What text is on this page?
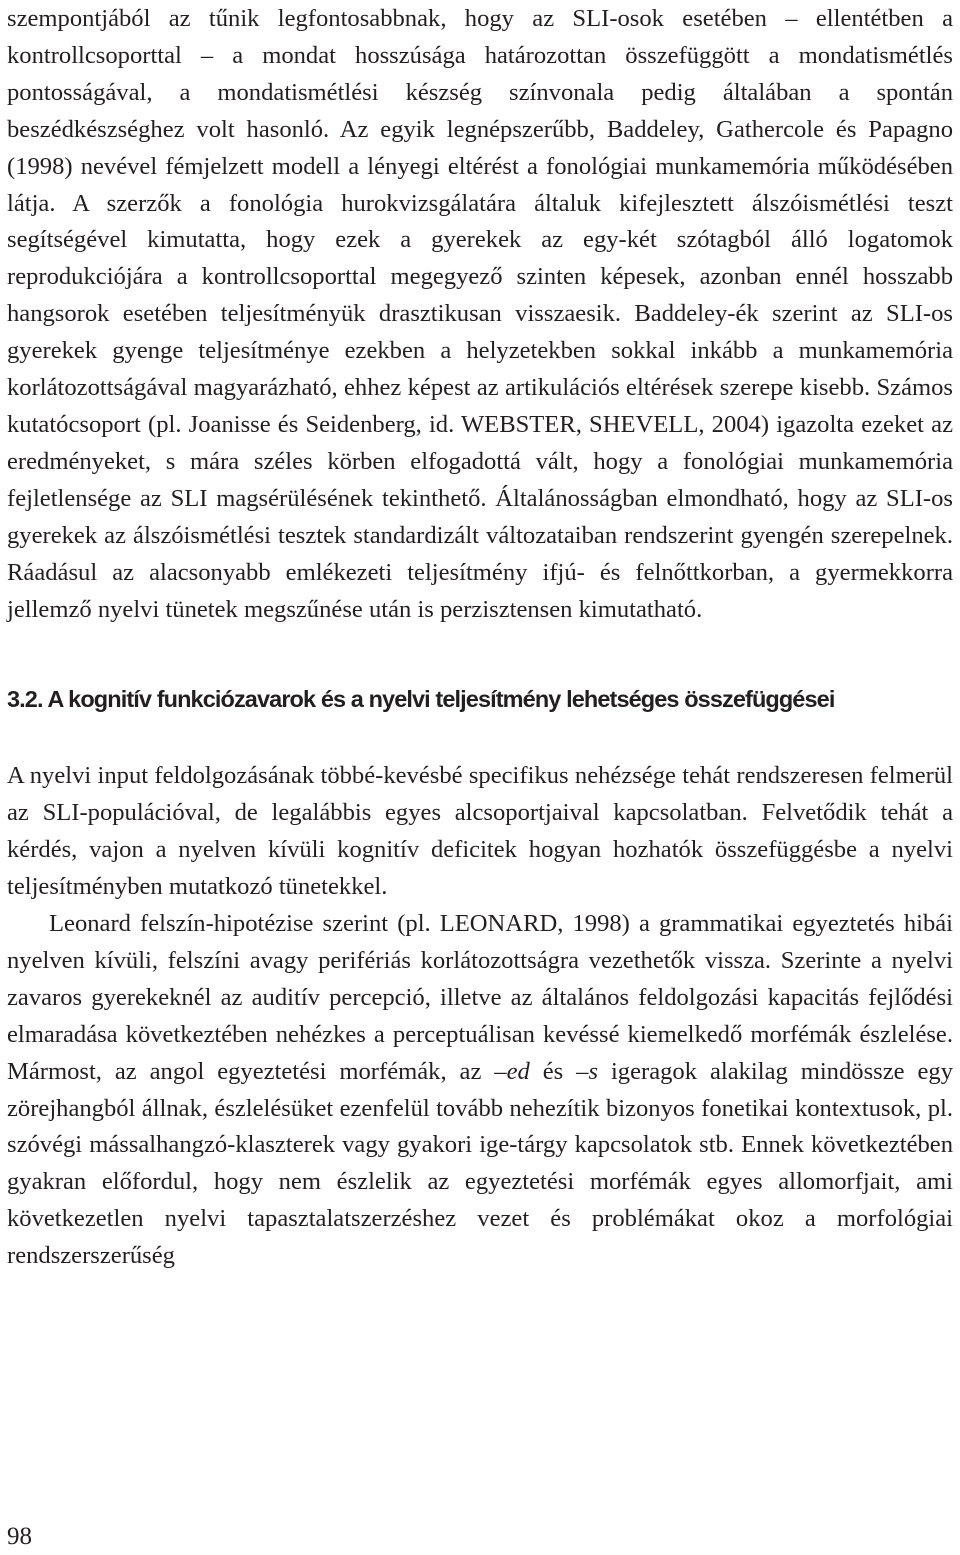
szempontjából az tűnik legfontosabbnak, hogy az SLI-osok esetében – ellentétben a kontrollcsoporttal – a mondat hosszúsága határozottan összefüggött a mondatismétlés pontosságával, a mondatismétlési készség színvonala pedig általában a spontán beszédkészséghez volt hasonló. Az egyik legnépszerűbb, Baddeley, Gathercole és Papagno (1998) nevével fémjelzett modell a lényegi eltérést a fonológiai munkamemória működésében látja. A szerzők a fonológia hurokvizsgálatára általuk kifejlesztett álszóismétlési teszt segítségével kimutatta, hogy ezek a gyerekek az egy-két szótagból álló logatomok reprodukciójára a kontrollcsoporttal megegyező szinten képesek, azonban ennél hosszabb hangsorok esetében teljesítményük drasztikusan visszaesik. Baddeley-ék szerint az SLI-os gyerekek gyenge teljesítménye ezekben a helyzetekben sokkal inkább a munkamemória korlátozottságával magyarázható, ehhez képest az artikulációs eltérések szerepe kisebb. Számos kutatócsoport (pl. Joanisse és Seidenberg, id. WEBSTER, SHEVELL, 2004) igazolta ezeket az eredményeket, s mára széles körben elfogadottá vált, hogy a fonológiai munkamemória fejletlensége az SLI magsérülésének tekinthető. Általánosságban elmondható, hogy az SLI-os gyerekek az álszóismétlési tesztek standardizált változataiban rendszerint gyengén szerepelnek. Ráadásul az alacsonyabb emlékezeti teljesítmény ifjú- és felnőttkorban, a gyermekkorra jellemző nyelvi tünetek megszűnése után is perzisztensen kimutatható.

3.2. A kognitív funkciózavarok és a nyelvi teljesítmény lehetséges összefüggései

A nyelvi input feldolgozásának többé-kevésbé specifikus nehézsége tehát rendszeresen felmerül az SLI-populációval, de legalábbis egyes alcsoportjaival kapcsolatban. Felvetődik tehát a kérdés, vajon a nyelven kívüli kognitív deficitek hogyan hozhatók összefüggésbe a nyelvi teljesítményben mutatkozó tünetekkel.

Leonard felszín-hipotézise szerint (pl. LEONARD, 1998) a grammatikai egyeztetés hibái nyelven kívüli, felszíni avagy perifériás korlátozottságra vezethetők vissza. Szerinte a nyelvi zavaros gyerekeknél az auditív percepció, illetve az általános feldolgozási kapacitás fejlődési elmaradása következtében nehézkes a perceptuálisan kevéssé kiemelkedő morfémák észlelése. Mármost, az angol egyeztetési morfémák, az –ed és –s igeragok alakilag mindössze egy zörejhangból állnak, észlelésüket ezenfelül tovább nehezítik bizonyos fonetikai kontextusok, pl. szóvégi mássalhangzó-klaszterek vagy gyakori ige-tárgy kapcsolatok stb. Ennek következtében gyakran előfordul, hogy nem észlelik az egyeztetési morfémák egyes allomorfjait, ami következetlen nyelvi tapasztalatszerzéshez vezet és problémákat okoz a morfológiai rendszerszerűség

98
